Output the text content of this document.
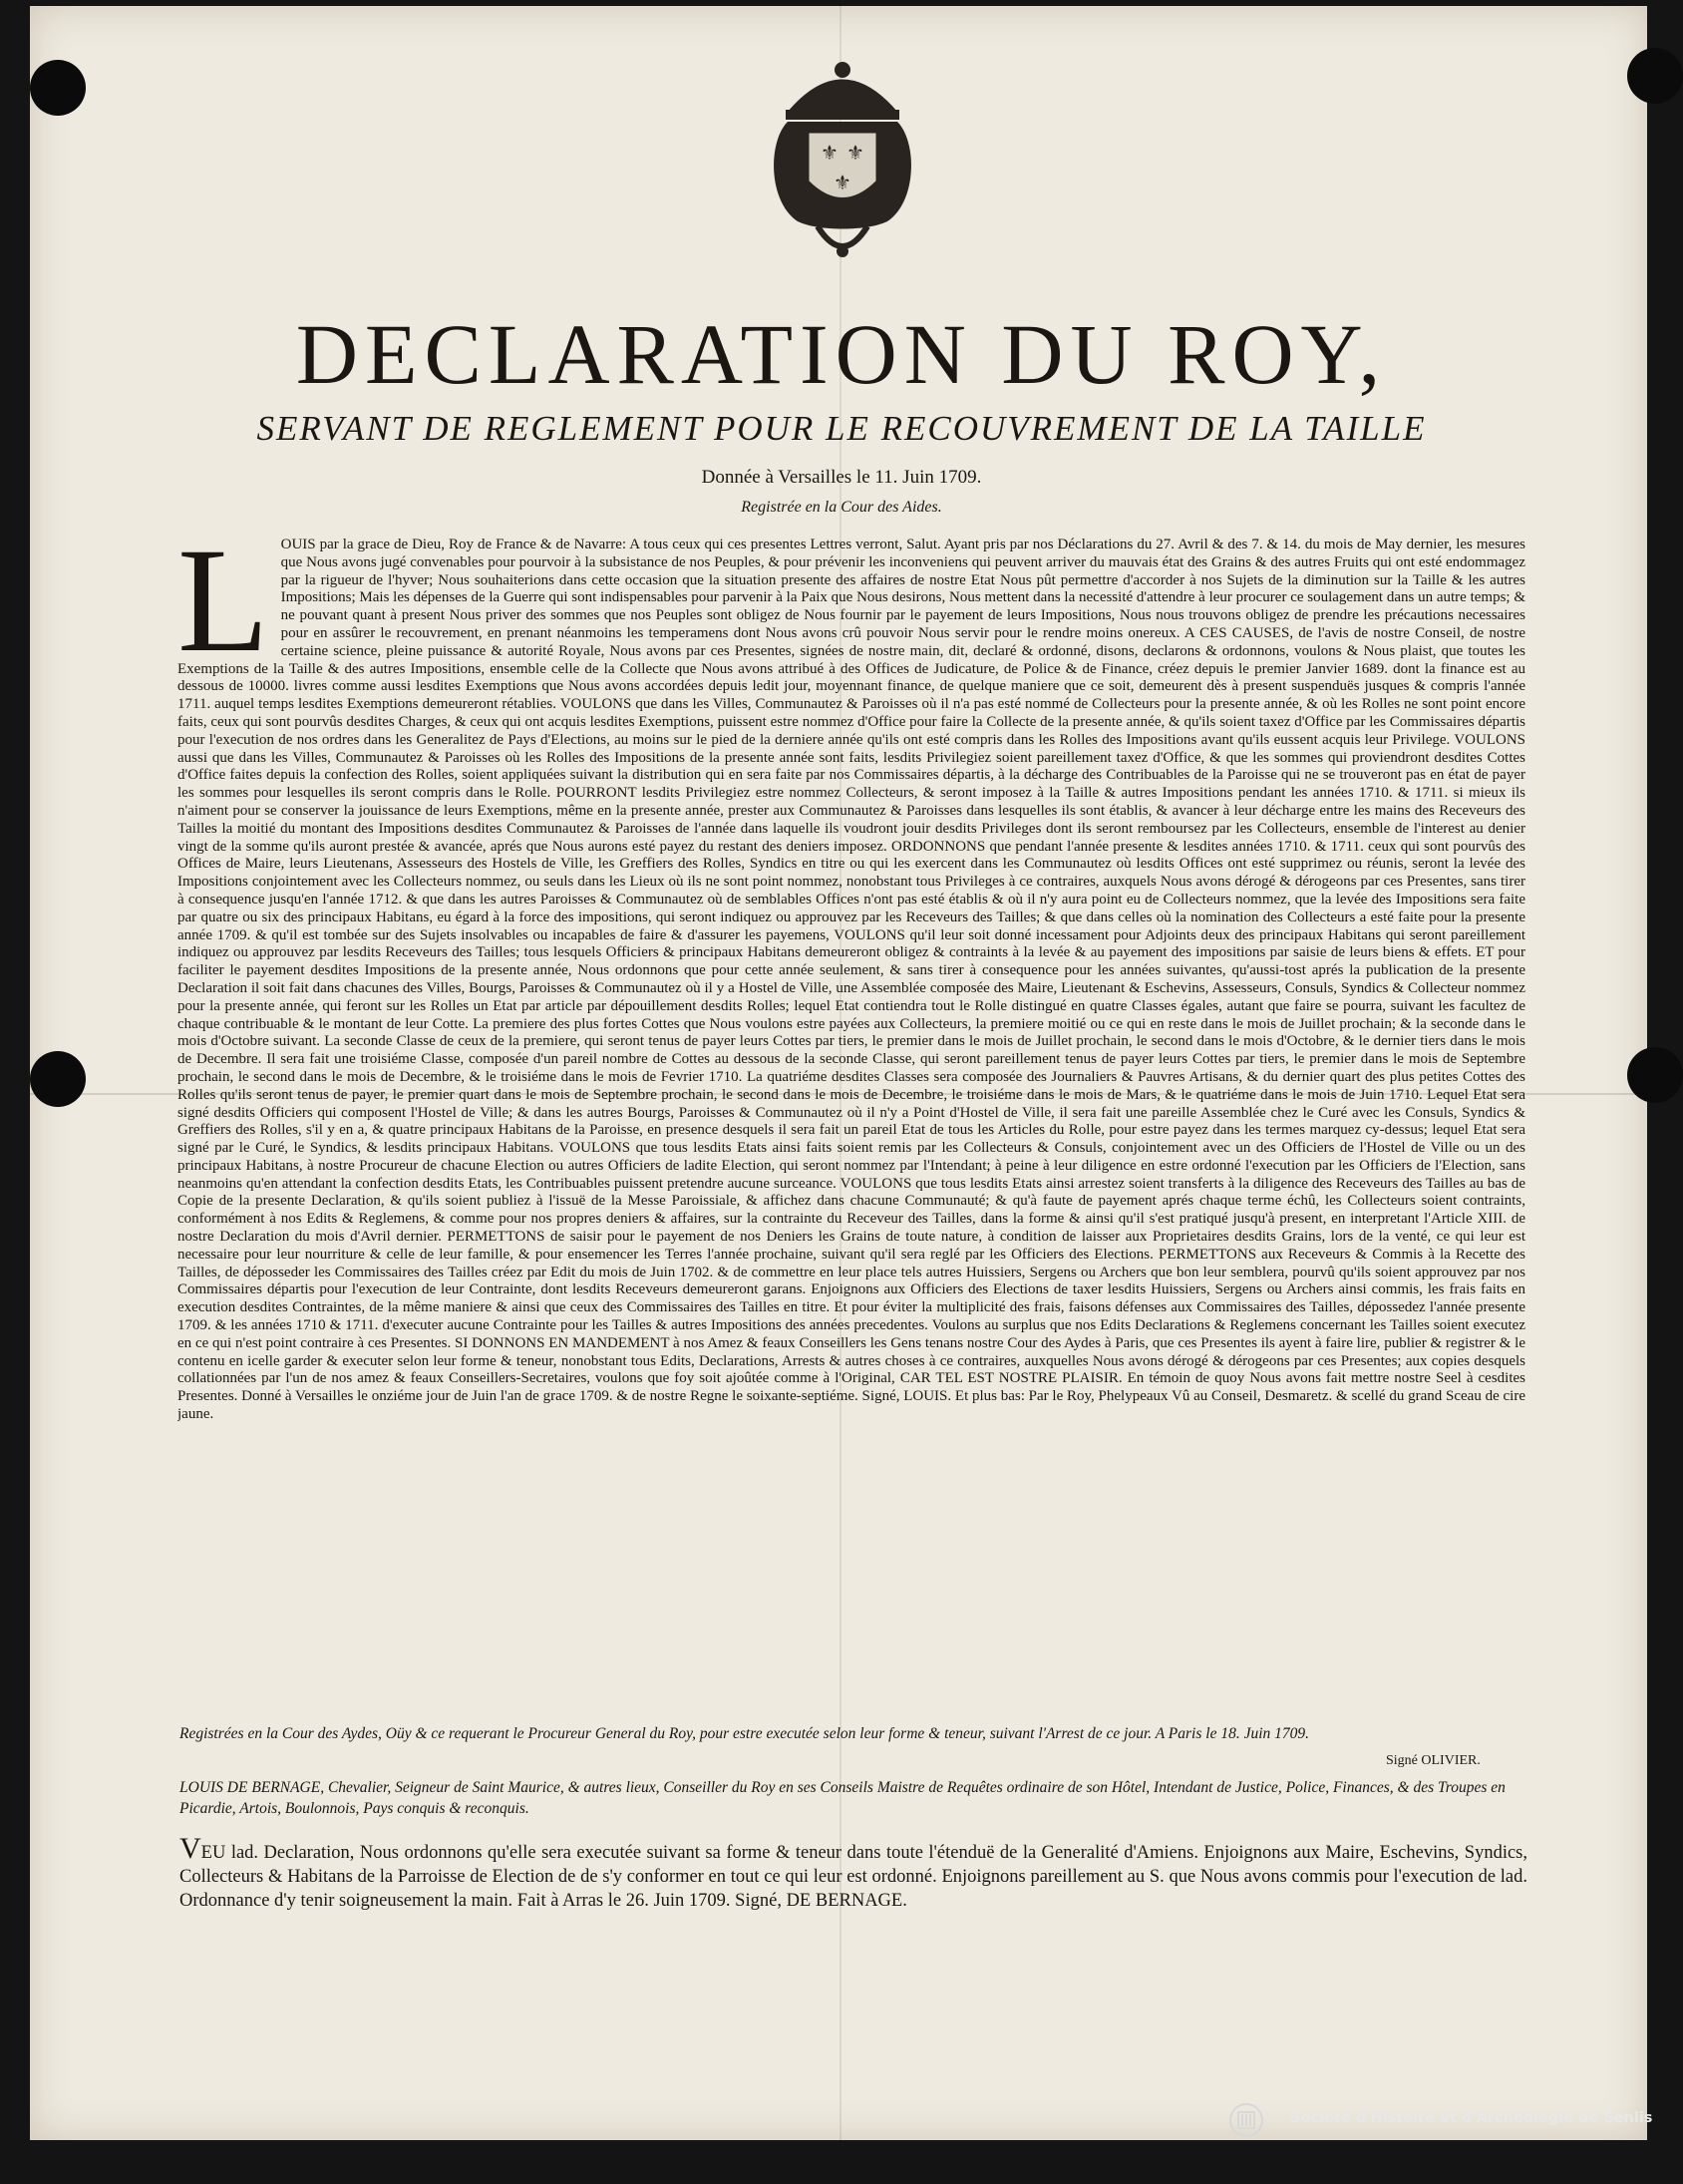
⚜ ⚜
⚜
DECLARATION DU ROY,
SERVANT DE REGLEMENT POUR LE RECOUVREMENT DE LA TAILLE
Donnée à Versailles le 11. Juin 1709.
Registrée en la Cour des Aides.
L OUIS par la grace de Dieu, Roy de France & de Navarre: A tous ceux qui ces presentes Lettres verront, Salut. Ayant pris par nos Déclarations du 27. Avril & des 7. & 14. du mois de May dernier, les mesures que Nous avons jugé convenables pour pourvoir à la subsistance de nos Peuples, & pour prévenir les inconveniens qui peuvent arriver du mauvais état des Grains & des autres Fruits qui ont esté endommagez par la rigueur de l'hyver; Nous souhaiterions dans cette occasion que la situation presente des affaires de nostre Etat Nous pût permettre d'accorder à nos Sujets de la diminution sur la Taille & les autres Impositions; Mais les dépenses de la Guerre qui sont indispensables pour parvenir à la Paix que Nous desirons, Nous mettent dans la necessité d'attendre à leur procurer ce soulagement dans un autre temps; & ne pouvant quant à present Nous priver des sommes que nos Peuples sont obligez de Nous fournir par le payement de leurs Impositions, Nous nous trouvons obligez de prendre les précautions necessaires pour en assûrer le recouvrement, en prenant néanmoins les temperamens dont Nous avons crû pouvoir Nous servir pour le rendre moins onereux. A CES CAUSES, de l'avis de nostre Conseil, de nostre certaine science, pleine puissance & autorité Royale, Nous avons par ces Presentes, signées de nostre main, dit, declaré & ordonné, disons, declarons & ordonnons, voulons & Nous plaist, que toutes les Exemptions de la Taille & des autres Impositions, ensemble celle de la Collecte que Nous avons attribué à des Offices de Judicature, de Police & de Finance, créez depuis le premier Janvier 1689. dont la finance est au dessous de 10000. livres comme aussi lesdites Exemptions que Nous avons accordées depuis ledit jour, moyennant finance, de quelque maniere que ce soit, demeurent dès à present suspenduës jusques & compris l'année 1711. auquel temps lesdites Exemptions demeureront rétablies. VOULONS que dans les Villes, Communautez & Paroisses où il n'a pas esté nommé de Collecteurs pour la presente année, & où les Rolles ne sont point encore faits, ceux qui sont pourvûs desdites Charges, & ceux qui ont acquis lesdites Exemptions, puissent estre nommez d'Office pour faire la Collecte de la presente année, & qu'ils soient taxez d'Office par les Commissaires départis pour l'execution de nos ordres dans les Generalitez de Pays d'Elections, au moins sur le pied de la derniere année qu'ils ont esté compris dans les Rolles des Impositions avant qu'ils eussent acquis leur Privilege. VOULONS aussi que dans les Villes, Communautez & Paroisses où les Rolles des Impositions de la presente année sont faits, lesdits Privilegiez soient pareillement taxez d'Office, & que les sommes qui proviendront desdites Cottes d'Office faites depuis la confection des Rolles, soient appliquées suivant la distribution qui en sera faite par nos Commissaires départis, à la décharge des Contribuables de la Paroisse qui ne se trouveront pas en état de payer les sommes pour lesquelles ils seront compris dans le Rolle. POURRONT lesdits Privilegiez estre nommez Collecteurs, & seront imposez à la Taille & autres Impositions pendant les années 1710. & 1711. si mieux ils n'aiment pour se conserver la jouissance de leurs Exemptions, même en la presente année, prester aux Communautez & Paroisses dans lesquelles ils sont établis, & avancer à leur décharge entre les mains des Receveurs des Tailles la moitié du montant des Impositions desdites Communautez & Paroisses de l'année dans laquelle ils voudront jouir desdits Privileges dont ils seront remboursez par les Collecteurs, ensemble de l'interest au denier vingt de la somme qu'ils auront prestée & avancée, aprés que Nous aurons esté payez du restant des deniers imposez. ORDONNONS que pendant l'année presente & lesdites années 1710. & 1711. ceux qui sont pourvûs des Offices de Maire, leurs Lieutenans, Assesseurs des Hostels de Ville, les Greffiers des Rolles, Syndics en titre ou qui les exercent dans les Communautez où lesdits Offices ont esté supprimez ou réunis, seront la levée des Impositions conjointement avec les Collecteurs nommez, ou seuls dans les Lieux où ils ne sont point nommez, nonobstant tous Privileges à ce contraires, auxquels Nous avons dérogé & dérogeons par ces Presentes, sans tirer à consequence jusqu'en l'année 1712. & que dans les autres Paroisses & Communautez où de semblables Offices n'ont pas esté établis & où il n'y aura point eu de Collecteurs nommez, que la levée des Impositions sera faite par quatre ou six des principaux Habitans, eu égard à la force des impositions, qui seront indiquez ou approuvez par les Receveurs des Tailles; & que dans celles où la nomination des Collecteurs a esté faite pour la presente année 1709. & qu'il est tombée sur des Sujets insolvables ou incapables de faire & d'assurer les payemens, VOULONS qu'il leur soit donné incessament pour Adjoints deux des principaux Habitans qui seront pareillement indiquez ou approuvez par lesdits Receveurs des Tailles; tous lesquels Officiers & principaux Habitans demeureront obligez & contraints à la levée & au payement des impositions par saisie de leurs biens & effets. ET pour faciliter le payement desdites Impositions de la presente année, Nous ordonnons que pour cette année seulement, & sans tirer à consequence pour les années suivantes, qu'aussi-tost aprés la publication de la presente Declaration il soit fait dans chacunes des Villes, Bourgs, Paroisses & Communautez où il y a Hostel de Ville, une Assemblée composée des Maire, Lieutenant & Eschevins, Assesseurs, Consuls, Syndics & Collecteur nommez pour la presente année, qui feront sur les Rolles un Etat par article par dépouillement desdits Rolles; lequel Etat contiendra tout le Rolle distingué en quatre Classes égales, autant que faire se pourra, suivant les facultez de chaque contribuable & le montant de leur Cotte. La premiere des plus fortes Cottes que Nous voulons estre payées aux Collecteurs, la premiere moitié ou ce qui en reste dans le mois de Juillet prochain; & la seconde dans le mois d'Octobre suivant. La seconde Classe de ceux de la premiere, qui seront tenus de payer leurs Cottes par tiers, le premier dans le mois de Juillet prochain, le second dans le mois d'Octobre, & le dernier tiers dans le mois de Decembre. Il sera fait une troisiéme Classe, composée d'un pareil nombre de Cottes au dessous de la seconde Classe, qui seront pareillement tenus de payer leurs Cottes par tiers, le premier dans le mois de Septembre prochain, le second dans le mois de Decembre, & le troisiéme dans le mois de Fevrier 1710. La quatriéme desdites Classes sera composée des Journaliers & Pauvres Artisans, & du dernier quart des plus petites Cottes des Rolles qu'ils seront tenus de payer, le premier quart dans le mois de Septembre prochain, le second dans le mois de Decembre, le troisiéme dans le mois de Mars, & le quatriéme dans le mois de Juin 1710. Lequel Etat sera signé desdits Officiers qui composent l'Hostel de Ville; & dans les autres Bourgs, Paroisses & Communautez où il n'y a Point d'Hostel de Ville, il sera fait une pareille Assemblée chez le Curé avec les Consuls, Syndics & Greffiers des Rolles, s'il y en a, & quatre principaux Habitans de la Paroisse, en presence desquels il sera fait un pareil Etat de tous les Articles du Rolle, pour estre payez dans les termes marquez cy-dessus; lequel Etat sera signé par le Curé, le Syndics, & lesdits principaux Habitans. VOULONS que tous lesdits Etats ainsi faits soient remis par les Collecteurs & Consuls, conjointement avec un des Officiers de l'Hostel de Ville ou un des principaux Habitans, à nostre Procureur de chacune Election ou autres Officiers de ladite Election, qui seront nommez par l'Intendant; à peine à leur diligence en estre ordonné l'execution par les Officiers de l'Election, sans neanmoins qu'en attendant la confection desdits Etats, les Contribuables puissent pretendre aucune surceance. VOULONS que tous lesdits Etats ainsi arrestez soient transferts à la diligence des Receveurs des Tailles au bas de Copie de la presente Declaration, & qu'ils soient publiez à l'issuë de la Messe Paroissiale, & affichez dans chacune Communauté; & qu'à faute de payement aprés chaque terme échû, les Collecteurs soient contraints, conformément à nos Edits & Reglemens, & comme pour nos propres deniers & affaires, sur la contrainte du Receveur des Tailles, dans la forme & ainsi qu'il s'est pratiqué jusqu'à present, en interpretant l'Article XIII. de nostre Declaration du mois d'Avril dernier. PERMETTONS de saisir pour le payement de nos Deniers les Grains de toute nature, à condition de laisser aux Proprietaires desdits Grains, lors de la venté, ce qui leur est necessaire pour leur nourriture & celle de leur famille, & pour ensemencer les Terres l'année prochaine, suivant qu'il sera reglé par les Officiers des Elections. PERMETTONS aux Receveurs & Commis à la Recette des Tailles, de déposseder les Commissaires des Tailles créez par Edit du mois de Juin 1702. & de commettre en leur place tels autres Huissiers, Sergens ou Archers que bon leur semblera, pourvû qu'ils soient approuvez par nos Commissaires départis pour l'execution de leur Contrainte, dont lesdits Receveurs demeureront garans. Enjoignons aux Officiers des Elections de taxer lesdits Huissiers, Sergens ou Archers ainsi commis, les frais faits en execution desdites Contraintes, de la même maniere & ainsi que ceux des Commissaires des Tailles en titre. Et pour éviter la multiplicité des frais, faisons défenses aux Commissaires des Tailles, dépossedez l'année presente 1709. & les années 1710 & 1711. d'executer aucune Contrainte pour les Tailles & autres Impositions des années precedentes. Voulons au surplus que nos Edits Declarations & Reglemens concernant les Tailles soient executez en ce qui n'est point contraire à ces Presentes. SI DONNONS EN MANDEMENT à nos Amez & feaux Conseillers les Gens tenans nostre Cour des Aydes à Paris, que ces Presentes ils ayent à faire lire, publier & registrer & le contenu en icelle garder & executer selon leur forme & teneur, nonobstant tous Edits, Declarations, Arrests & autres choses à ce contraires, auxquelles Nous avons dérogé & dérogeons par ces Presentes; aux copies desquels collationnées par l'un de nos amez & feaux Conseillers-Secretaires, voulons que foy soit ajoûtée comme à l'Original, CAR TEL EST NOSTRE PLAISIR. En témoin de quoy Nous avons fait mettre nostre Seel à cesdites Presentes. Donné à Versailles le onziéme jour de Juin l'an de grace 1709. & de nostre Regne le soixante-septiéme. Signé, LOUIS. Et plus bas: Par le Roy, Phelypeaux Vû au Conseil, Desmaretz. & scellé du grand Sceau de cire jaune.
Registrées en la Cour des Aydes, Oüy & ce requerant le Procureur General du Roy, pour estre executée selon leur forme & teneur, suivant l'Arrest de ce jour. A Paris le 18. Juin 1709.
Signé OLIVIER.
LOUIS DE BERNAGE, Chevalier, Seigneur de Saint Maurice, & autres lieux, Conseiller du Roy en ses Conseils Maistre de Requêtes ordinaire de son Hôtel, Intendant de Justice, Police, Finances, & des Troupes en Picardie, Artois, Boulonnois, Pays conquis & reconquis.
VEU lad. Declaration, Nous ordonnons qu'elle sera executée suivant sa forme & teneur dans toute l'étenduë de la Generalité d'Amiens. Enjoignons aux Maire, Eschevins, Syndics, Collecteurs & Habitans de la Parroisse de Election de de s'y conformer en tout ce qui leur est ordonné. Enjoignons pareillement au S. que Nous avons commis pour l'execution de lad. Ordonnance d'y tenir soigneusement la main. Fait à Arras le 26. Juin 1709. Signé, DE BERNAGE.
Société d'Histoire et d'Archéologie de Senlis
